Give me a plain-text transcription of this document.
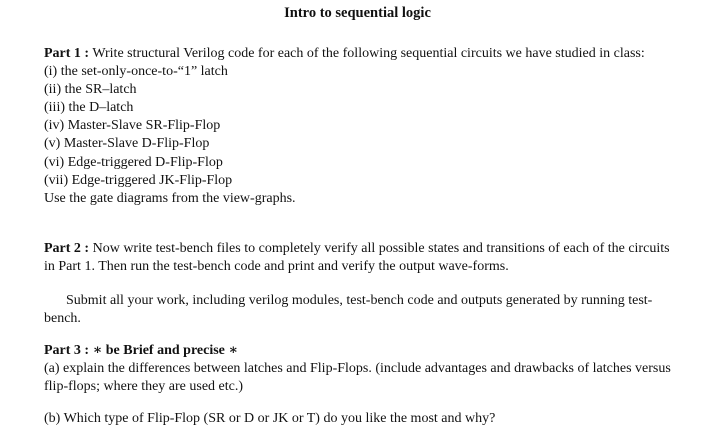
Intro to sequential logic
Part 1 : Write structural Verilog code for each of the following sequential circuits we have studied in class:
(i) the set-only-once-to-“1” latch
(ii) the SR–latch
(iii) the D–latch
(iv) Master-Slave SR-Flip-Flop
(v) Master-Slave D-Flip-Flop
(vi) Edge-triggered D-Flip-Flop
(vii) Edge-triggered JK-Flip-Flop
Use the gate diagrams from the view-graphs.
Part 2 : Now write test-bench files to completely verify all possible states and transitions of each of the circuits
in Part 1. Then run the test-bench code and print and verify the output wave-forms.
Submit all your work, including verilog modules, test-bench code and outputs generated by running test-
bench.
Part 3 : ∗ be Brief and precise ∗
(a) explain the differences between latches and Flip-Flops. (include advantages and drawbacks of latches versus
flip-flops; where they are used etc.)
(b) Which type of Flip-Flop (SR or D or JK or T) do you like the most and why?
